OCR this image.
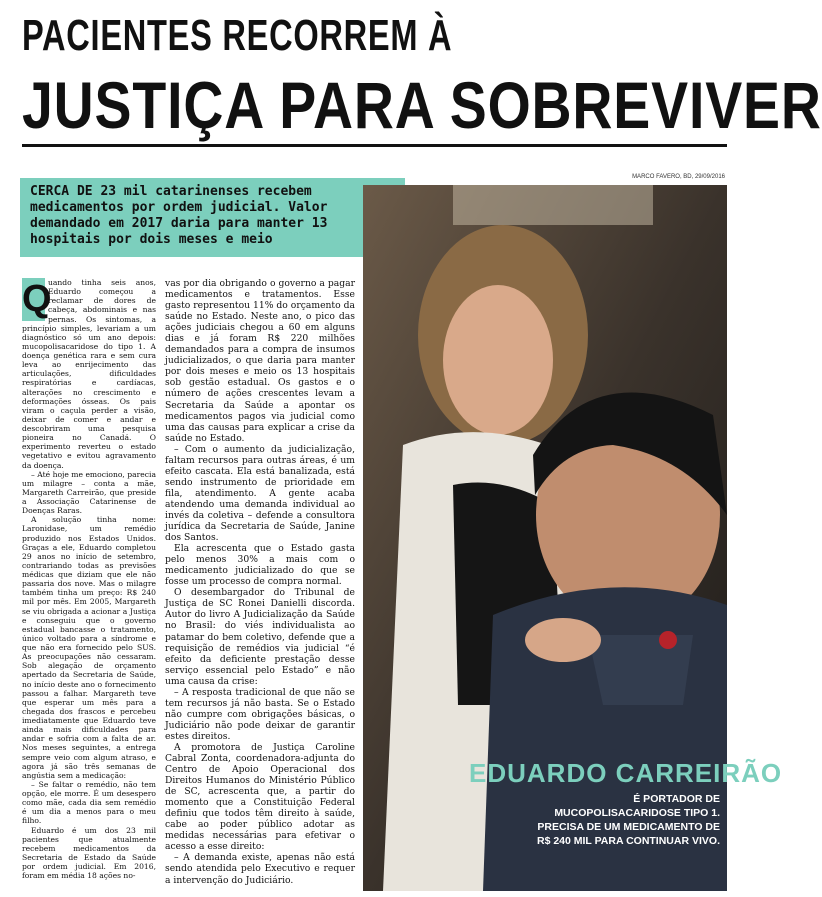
PACIENTES RECORREM À
JUSTIÇA PARA SOBREVIVER

CERCA DE 23 mil catarinenses recebem medicamentos por ordem judicial. Valor demandado em 2017 daria para manter 13 hospitais por dois meses e meio

MARCO FAVERO, BD, 29/09/2016
EDUARDO CARREIRÃO
É PORTADOR DE MUCOPOLISACARIDOSE TIPO 1. PRECISA DE UM MEDICAMENTO DE R$ 240 MIL PARA CONTINUAR VIVO.
Q

uando tinha seis anos, Eduardo começou a reclamar de dores de cabeça, abdominais e nas pernas. Os sintomas, a princípio simples, levariam a um diagnóstico só um ano depois: mucopolisacaridose do tipo 1. A doença genética rara e sem cura leva ao enrijecimento das articulações, dificuldades respiratórias e cardíacas, alterações no crescimento e deformações ósseas. Os pais viram o caçula perder a visão, deixar de comer e andar e descobriram uma pesquisa pioneira no Canadá. O experimento reverteu o estado vegetativo e evitou agravamento da doença.

– Até hoje me emociono, parecia um milagre – conta a mãe, Margareth Carreirão, que preside a Associação Catarinense de Doenças Raras.

A solução tinha nome: Laronidase, um remédio produzido nos Estados Unidos. Graças a ele, Eduardo completou 29 anos no início de setembro, contrariando todas as previsões médicas que diziam que ele não passaria dos nove. Mas o milagre também tinha um preço: R$ 240 mil por mês. Em 2005, Margareth se viu obrigada a acionar a Justiça e conseguiu que o governo estadual bancasse o tratamento, único voltado para a síndrome e que não era fornecido pelo SUS. As preocupações não cessaram. Sob alegação de orçamento apertado da Secretaria de Saúde, no início deste ano o fornecimento passou a falhar. Margareth teve que esperar um mês para a chegada dos frascos e percebeu imediatamente que Eduardo teve ainda mais dificuldades para andar e sofria com a falta de ar. Nos meses seguintes, a entrega sempre veio com algum atraso, e agora já são três semanas de angústia sem a medicação:

– Se faltar o remédio, não tem opção, ele morre. É um desespero como mãe, cada dia sem remédio é um dia a menos para o meu filho.

Eduardo é um dos 23 mil pacientes que atualmente recebem medicamentos da Secretaria de Estado da Saúde por ordem judicial. Em 2016, foram em média 18 ações no-

vas por dia obrigando o governo a pagar medicamentos e tratamentos. Esse gasto representou 11% do orçamento da saúde no Estado. Neste ano, o pico das ações judiciais chegou a 60 em alguns dias e já foram R$ 220 milhões demandados para a compra de insumos judicializados, o que daria para manter por dois meses e meio os 13 hospitais sob gestão estadual. Os gastos e o número de ações crescentes levam a Secretaria da Saúde a apontar os medicamentos pagos via judicial como uma das causas para explicar a crise da saúde no Estado.

– Com o aumento da judicialização, faltam recursos para outras áreas, é um efeito cascata. Ela está banalizada, está sendo instrumento de prioridade em fila, atendimento. A gente acaba atendendo uma demanda individual ao invés da coletiva – defende a consultora jurídica da Secretaria de Saúde, Janine dos Santos.

Ela acrescenta que o Estado gasta pelo menos 30% a mais com o medicamento judicializado do que se fosse um processo de compra normal.

O desembargador do Tribunal de Justiça de SC Ronei Danielli discorda. Autor do livro A Judicialização da Saúde no Brasil: do viés individualista ao patamar do bem coletivo, defende que a requisição de remédios via judicial “é efeito da deficiente prestação desse serviço essencial pelo Estado” e não uma causa da crise:

– A resposta tradicional de que não se tem recursos já não basta. Se o Estado não cumpre com obrigações básicas, o Judiciário não pode deixar de garantir estes direitos.

A promotora de Justiça Caroline Cabral Zonta, coordenadora-adjunta do Centro de Apoio Operacional dos Direitos Humanos do Ministério Público de SC, acrescenta que, a partir do momento que a Constituição Federal definiu que todos têm direito à saúde, cabe ao poder público adotar as medidas necessárias para efetivar o acesso a esse direito:

– A demanda existe, apenas não está sendo atendida pelo Executivo e requer a intervenção do Judiciário.
